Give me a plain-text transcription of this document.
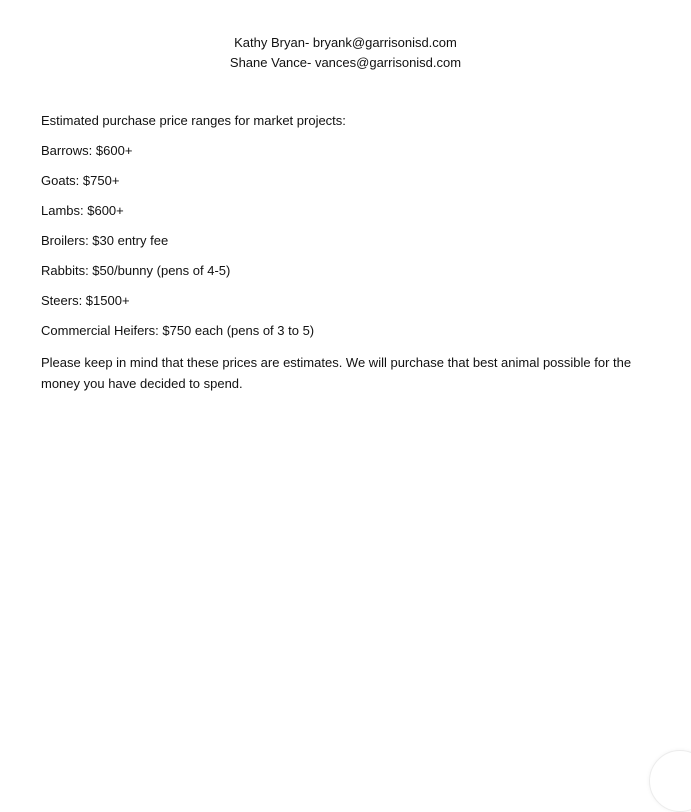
Kathy Bryan- bryank@garrisonisd.com
Shane Vance- vances@garrisonisd.com

Estimated purchase price ranges for market projects:

Barrows: $600+
Goats: $750+
Lambs: $600+
Broilers: $30 entry fee
Rabbits: $50/bunny (pens of 4-5)
Steers: $1500+
Commercial Heifers: $750 each (pens of 3 to 5)

Please keep in mind that these prices are estimates. We will purchase that best animal possible for the money you have decided to spend.
